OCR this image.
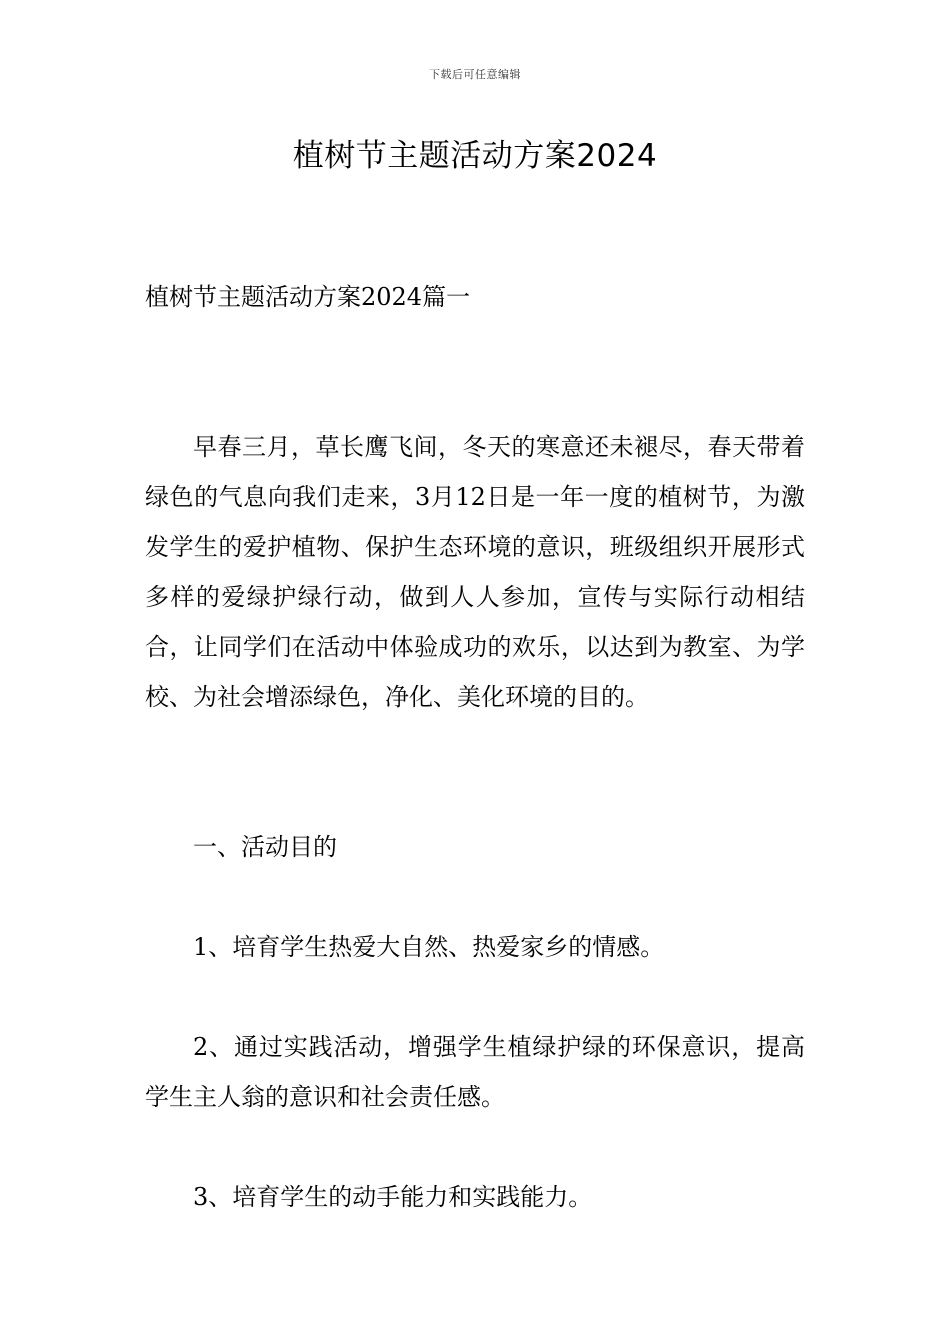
下载后可任意编辑
植树节主题活动方案2024

植树节主题活动方案2024篇一

早春三月，草长鹰飞间，冬天的寒意还未褪尽，春天带着绿色的气息向我们走来，3月12日是一年一度的植树节，为激发学生的爱护植物、保护生态环境的意识，班级组织开展形式多样的爱绿护绿行动，做到人人参加，宣传与实际行动相结合，让同学们在活动中体验成功的欢乐，以达到为教室、为学校、为社会增添绿色，净化、美化环境的目的。

一、活动目的

1、培育学生热爱大自然、热爱家乡的情感。

2、通过实践活动，增强学生植绿护绿的环保意识，提高学生主人翁的意识和社会责任感。

3、培育学生的动手能力和实践能力。
